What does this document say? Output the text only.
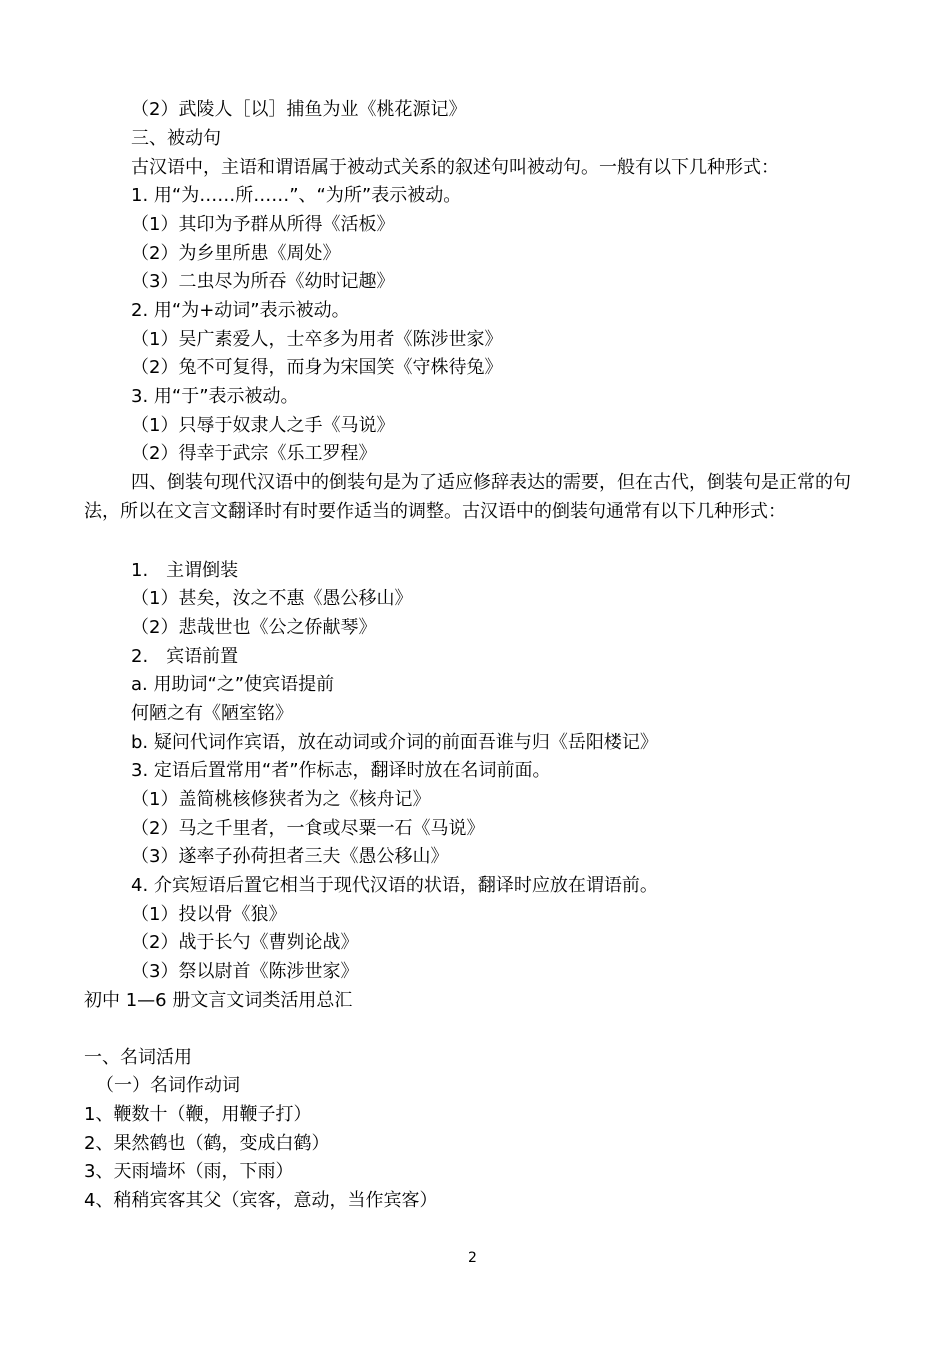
（2）武陵人［以］捕鱼为业《桃花源记》
三、被动句
古汉语中，主语和谓语属于被动式关系的叙述句叫被动句。一般有以下几种形式：
1. 用“为……所……”、“为所”表示被动。
（1）其印为予群从所得《活板》
（2）为乡里所患《周处》
（3）二虫尽为所吞《幼时记趣》
2. 用“为+动词”表示被动。
（1）吴广素爱人，士卒多为用者《陈涉世家》
（2）兔不可复得，而身为宋国笑《守株待兔》
3. 用“于”表示被动。
（1）只辱于奴隶人之手《马说》
（2）得幸于武宗《乐工罗程》
四、倒装句现代汉语中的倒装句是为了适应修辞表达的需要，但在古代，倒装句是正常的句法，所以在文言文翻译时有时要作适当的调整。古汉语中的倒装句通常有以下几种形式：
1.　主谓倒装
（1）甚矣，汝之不惠《愚公移山》
（2）悲哉世也《公之侨献琴》
2.　宾语前置
a. 用助词“之”使宾语提前
何陋之有《陋室铭》
b. 疑问代词作宾语，放在动词或介词的前面吾谁与归《岳阳楼记》
3. 定语后置常用“者”作标志，翻译时放在名词前面。
（1）盖简桃核修狭者为之《核舟记》
（2）马之千里者，一食或尽粟一石《马说》
（3）遂率子孙荷担者三夫《愚公移山》
4. 介宾短语后置它相当于现代汉语的状语，翻译时应放在谓语前。
（1）投以骨《狼》
（2）战于长勺《曹刿论战》
（3）祭以尉首《陈涉世家》
初中 1—6 册文言文词类活用总汇
一、名词活用
（一）名词作动词
1、鞭数十（鞭，用鞭子打）
2、果然鹤也（鹤，变成白鹤）
3、天雨墙坏（雨，下雨）
4、稍稍宾客其父（宾客，意动，当作宾客）
2
